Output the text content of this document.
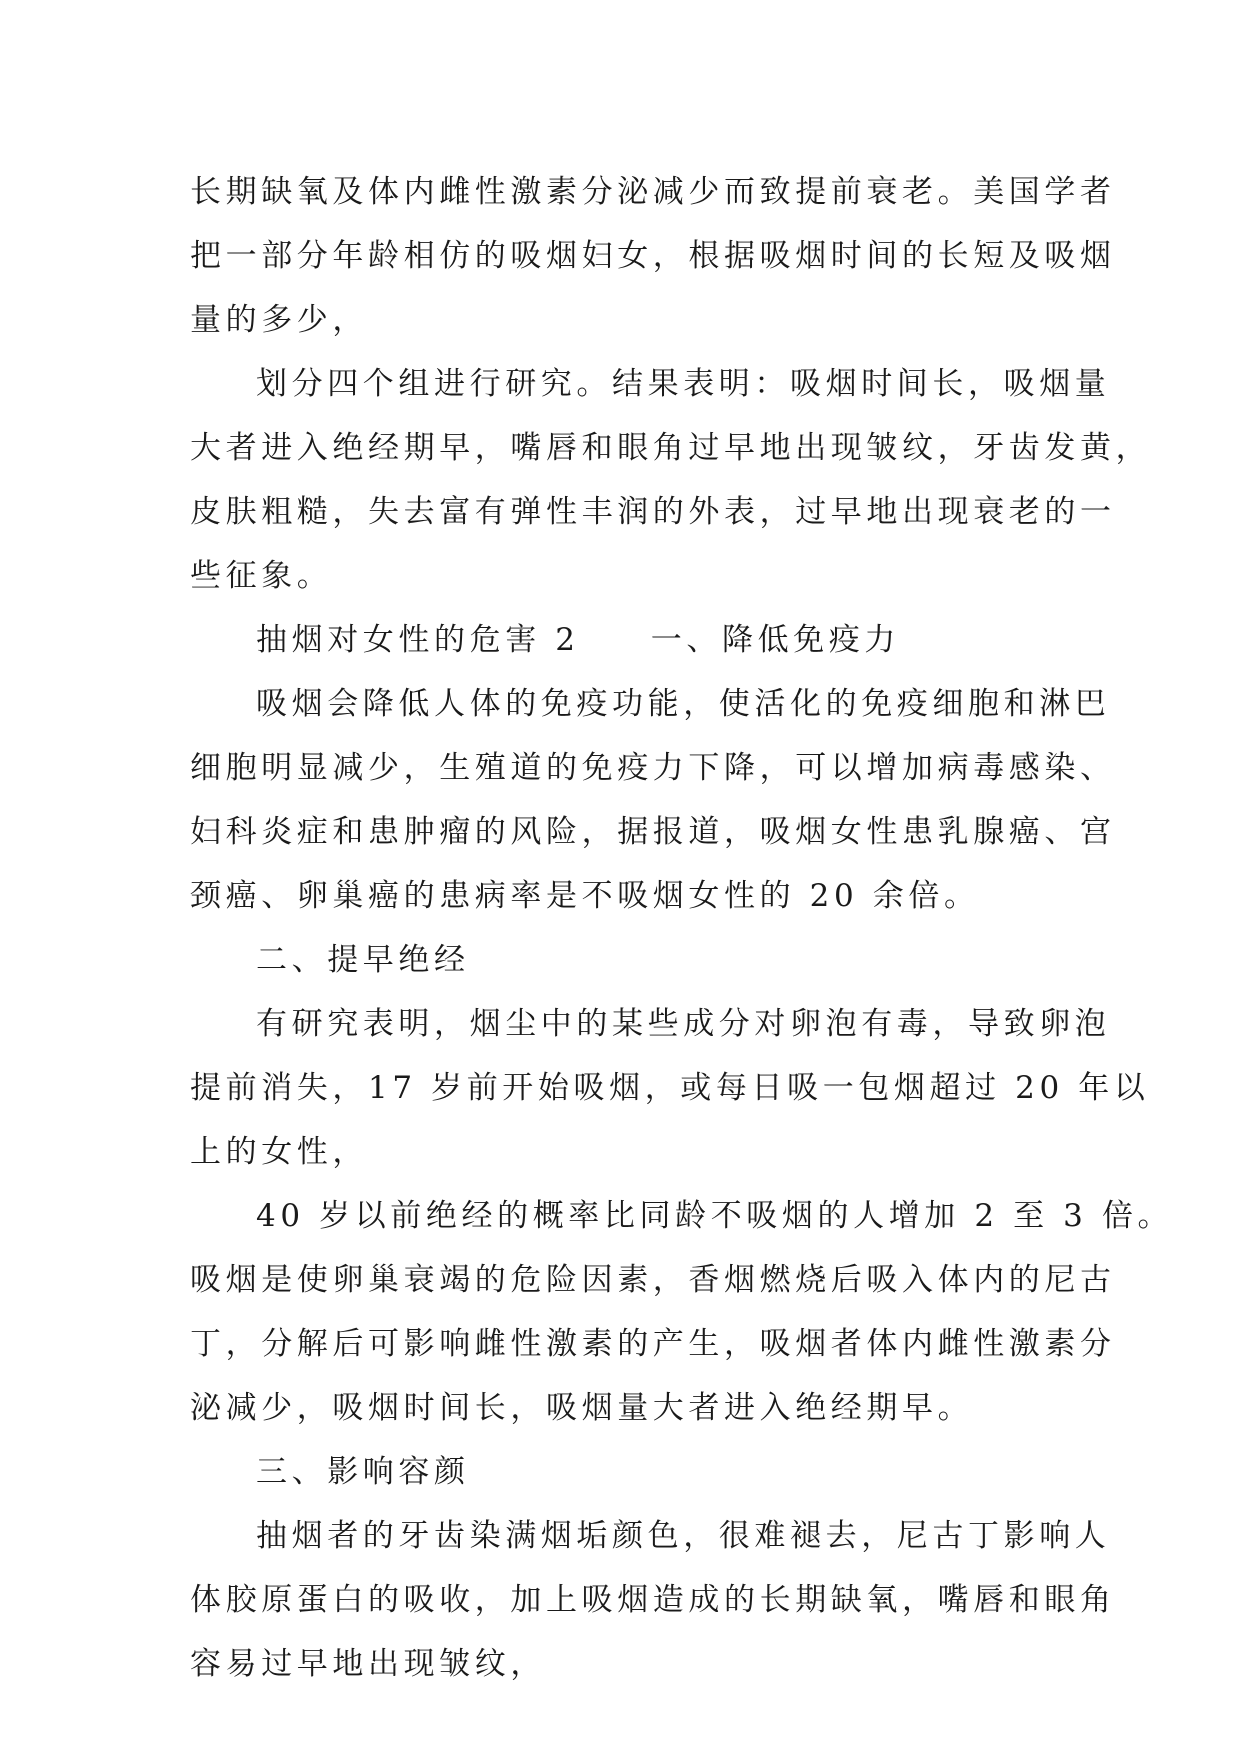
长期缺氧及体内雌性激素分泌减少而致提前衰老。美国学者

把一部分年龄相仿的吸烟妇女，根据吸烟时间的长短及吸烟

量的多少，

划分四个组进行研究。结果表明：吸烟时间长，吸烟量

大者进入绝经期早，嘴唇和眼角过早地出现皱纹，牙齿发黄，

皮肤粗糙，失去富有弹性丰润的外表，过早地出现衰老的一

些征象。

抽烟对女性的危害 2　　一、降低免疫力

吸烟会降低人体的免疫功能，使活化的免疫细胞和淋巴

细胞明显减少，生殖道的免疫力下降，可以增加病毒感染、

妇科炎症和患肿瘤的风险，据报道，吸烟女性患乳腺癌、宫

颈癌、卵巢癌的患病率是不吸烟女性的 20 余倍。

二、提早绝经

有研究表明，烟尘中的某些成分对卵泡有毒，导致卵泡

提前消失，17 岁前开始吸烟，或每日吸一包烟超过 20 年以

上的女性，

40 岁以前绝经的概率比同龄不吸烟的人增加 2 至 3 倍。

吸烟是使卵巢衰竭的危险因素，香烟燃烧后吸入体内的尼古

丁，分解后可影响雌性激素的产生，吸烟者体内雌性激素分

泌减少，吸烟时间长，吸烟量大者进入绝经期早。

三、影响容颜

抽烟者的牙齿染满烟垢颜色，很难褪去，尼古丁影响人

体胶原蛋白的吸收，加上吸烟造成的长期缺氧，嘴唇和眼角

容易过早地出现皱纹，
